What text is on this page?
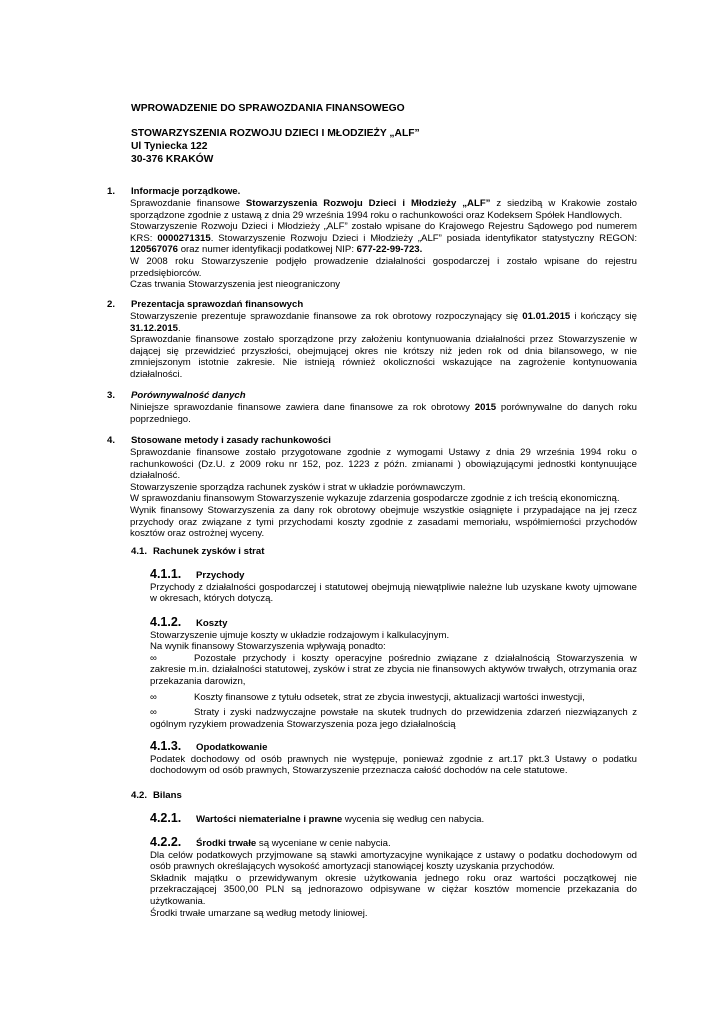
WPROWADZENIE DO SPRAWOZDANIA FINANSOWEGO
STOWARZYSZENIA ROZWOJU DZIECI I MŁODZIEŻY „ALF”
Ul Tyniecka 122
30-376 KRAKÓW
1. Informacje porządkowe.

Sprawozdanie finansowe Stowarzyszenia Rozwoju Dzieci i Młodzieży „ALF” z siedzibą w Krakowie zostało sporządzone zgodnie z ustawą z dnia 29 września 1994 roku o rachunkowości oraz Kodeksem Spółek Handlowych.

Stowarzyszenie Rozwoju Dzieci i Młodzieży „ALF” zostało wpisane do Krajowego Rejestru Sądowego pod numerem KRS: 0000271315. Stowarzyszenie Rozwoju Dzieci i Młodzieży „ALF” posiada identyfikator statystyczny REGON: 120567076 oraz numer identyfikacji podatkowej NIP: 677-22-99-723.

W 2008 roku Stowarzyszenie podjęło prowadzenie działalności gospodarczej i zostało wpisane do rejestru przedsiębiorców.

Czas trwania Stowarzyszenia jest nieograniczony

2. Prezentacja sprawozdań finansowych

Stowarzyszenie prezentuje sprawozdanie finansowe za rok obrotowy rozpoczynający się 01.01.2015 i kończący się 31.12.2015.

Sprawozdanie finansowe zostało sporządzone przy założeniu kontynuowania działalności przez Stowarzyszenie w dającej się przewidzieć przyszłości, obejmującej okres nie krótszy niż jeden rok od dnia bilansowego, w nie zmniejszonym istotnie zakresie. Nie istnieją również okoliczności wskazujące na zagrożenie kontynuowania działalności.

3. Porównywalność danych

Niniejsze sprawozdanie finansowe zawiera dane finansowe za rok obrotowy 2015 porównywalne do danych roku poprzedniego.

4. Stosowane metody i zasady rachunkowości

Sprawozdanie finansowe zostało przygotowane zgodnie z wymogami Ustawy z dnia 29 września 1994 roku o rachunkowości (Dz.U. z 2009 roku nr 152, poz. 1223 z późn. zmianami ) obowiązującymi jednostki kontynuujące działalność.

Stowarzyszenie sporządza rachunek zysków i strat w układzie porównawczym.

W sprawozdaniu finansowym Stowarzyszenie wykazuje zdarzenia gospodarcze zgodnie z ich treścią ekonomiczną.

Wynik finansowy Stowarzyszenia za dany rok obrotowy obejmuje wszystkie osiągnięte i przypadające na jej rzecz przychody oraz związane z tymi przychodami koszty zgodnie z zasadami memoriału, współmierności przychodów kosztów oraz ostrożnej wyceny.

4.1. Rachunek zysków i strat
4.1.1. Przychody

Przychody z działalności gospodarczej i statutowej obejmują niewątpliwie należne lub uzyskane kwoty ujmowane w okresach, których dotyczą.

4.1.2. Koszty

Stowarzyszenie ujmuje koszty w układzie rodzajowym i kalkulacyjnym.

Na wynik finansowy Stowarzyszenia wpływają ponadto:

∞	Pozostałe przychody i koszty operacyjne pośrednio związane z działalnością Stowarzyszenia w zakresie m.in. działalności statutowej, zysków i strat ze zbycia nie finansowych aktywów trwałych, otrzymania oraz przekazania darowizn,
∞	Koszty finansowe z tytułu odsetek, strat ze zbycia inwestycji, aktualizacji wartości inwestycji,
∞	Straty i zyski nadzwyczajne powstałe na skutek trudnych do przewidzenia zdarzeń niezwiązanych z ogólnym ryzykiem prowadzenia Stowarzyszenia poza jego działalnością
4.1.3. Opodatkowanie

Podatek dochodowy od osób prawnych nie występuje, ponieważ zgodnie z art.17 pkt.3 Ustawy o podatku dochodowym od osób prawnych, Stowarzyszenie przeznacza całość dochodów na cele statutowe.

4.2. Bilans
4.2.1. Wartości niematerialne i prawne wycenia się według cen nabycia.
4.2.2. Środki trwałe są wyceniane w cenie nabycia.

Dla celów podatkowych przyjmowane są stawki amortyzacyjne wynikające z ustawy o podatku dochodowym od osób prawnych określających wysokość amortyzacji stanowiącej koszty uzyskania przychodów.

Składnik majątku o przewidywanym okresie użytkowania jednego roku oraz wartości początkowej nie przekraczającej 3500,00 PLN są jednorazowo odpisywane w ciężar kosztów momencie przekazania do użytkowania.

Środki trwałe umarzane są według metody liniowej.
